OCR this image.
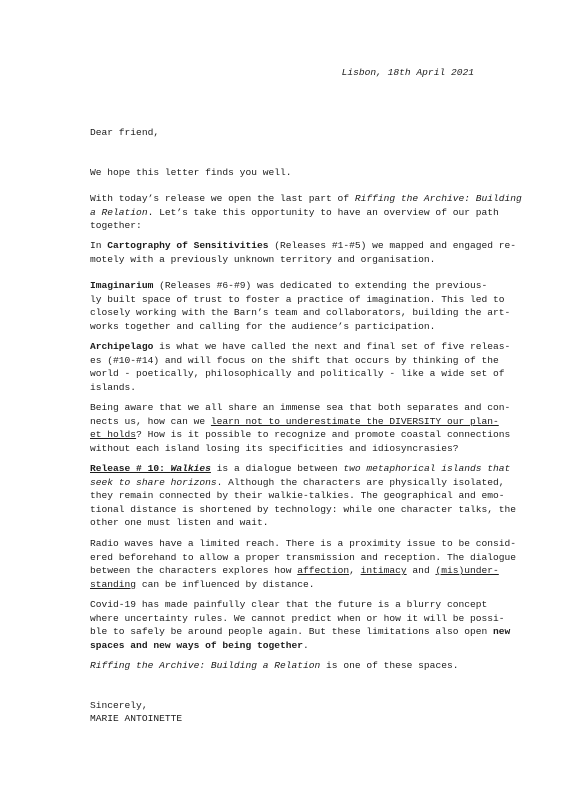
Lisbon, 18th April 2021

Dear friend,

We hope this letter finds you well.

With today’s release we open the last part of Riffing the Archive: Building
a Relation. Let’s take this opportunity to have an overview of our path
together:

In Cartography of Sensitivities (Releases #1-#5) we mapped and engaged re-
motely with a previously unknown territory and organisation.

Imaginarium (Releases #6-#9) was dedicated to extending the previous-
ly built space of trust to foster a practice of imagination. This led to
closely working with the Barn’s team and collaborators, building the art-
works together and calling for the audience’s participation.

Archipelago is what we have called the next and final set of five releas-
es (#10-#14) and will focus on the shift that occurs by thinking of the
world - poetically, philosophically and politically - like a wide set of
islands.

Being aware that we all share an immense sea that both separates and con-
nects us, how can we learn not to underestimate the DIVERSITY our plan-
et holds? How is it possible to recognize and promote coastal connections
without each island losing its specificities and idiosyncrasies?

Release # 10: Walkies is a dialogue between two metaphorical islands that
seek to share horizons. Although the characters are physically isolated,
they remain connected by their walkie-talkies. The geographical and emo-
tional distance is shortened by technology: while one character talks, the
other one must listen and wait.

Radio waves have a limited reach. There is a proximity issue to be consid-
ered beforehand to allow a proper transmission and reception. The dialogue
between the characters explores how affection, intimacy and (mis)under-
standing can be influenced by distance.

Covid-19 has made painfully clear that the future is a blurry concept
where uncertainty rules. We cannot predict when or how it will be possi-
ble to safely be around people again. But these limitations also open new
spaces and new ways of being together.

Riffing the Archive: Building a Relation is one of these spaces.

Sincerely,

MARIE ANTOINETTE
